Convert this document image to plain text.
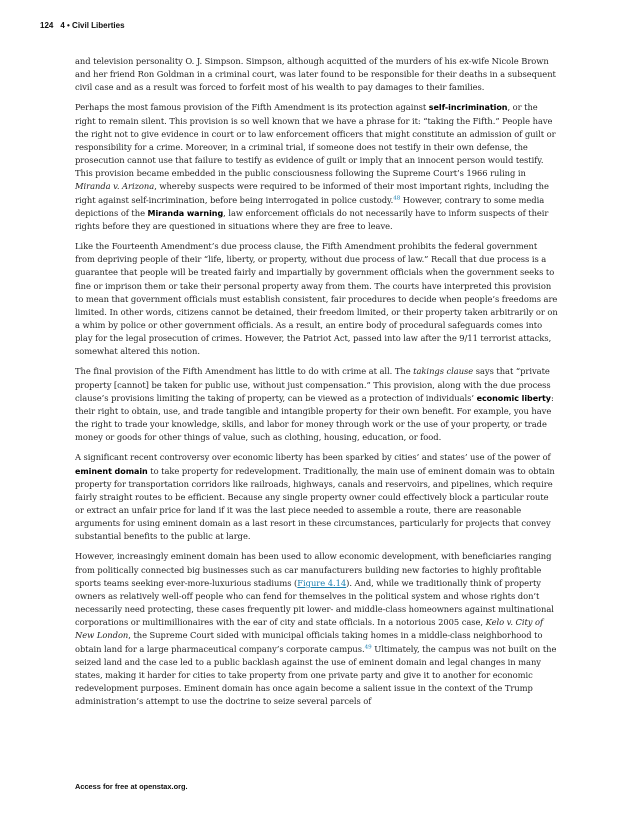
124 4 • Civil Liberties

and television personality O. J. Simpson. Simpson, although acquitted of the murders of his ex-wife Nicole Brown and her friend Ron Goldman in a criminal court, was later found to be responsible for their deaths in a subsequent civil case and as a result was forced to forfeit most of his wealth to pay damages to their families.

Perhaps the most famous provision of the Fifth Amendment is its protection against self-incrimination, or the right to remain silent. This provision is so well known that we have a phrase for it: “taking the Fifth.” People have the right not to give evidence in court or to law enforcement officers that might constitute an admission of guilt or responsibility for a crime. Moreover, in a criminal trial, if someone does not testify in their own defense, the prosecution cannot use that failure to testify as evidence of guilt or imply that an innocent person would testify. This provision became embedded in the public consciousness following the Supreme Court’s 1966 ruling in Miranda v. Arizona, whereby suspects were required to be informed of their most important rights, including the right against self-incrimination, before being interrogated in police custody.$^{48}$ However, contrary to some media depictions of the Miranda warning, law enforcement officials do not necessarily have to inform suspects of their rights before they are questioned in situations where they are free to leave.

Like the Fourteenth Amendment’s due process clause, the Fifth Amendment prohibits the federal government from depriving people of their “life, liberty, or property, without due process of law.” Recall that due process is a guarantee that people will be treated fairly and impartially by government officials when the government seeks to fine or imprison them or take their personal property away from them. The courts have interpreted this provision to mean that government officials must establish consistent, fair procedures to decide when people’s freedoms are limited. In other words, citizens cannot be detained, their freedom limited, or their property taken arbitrarily or on a whim by police or other government officials. As a result, an entire body of procedural safeguards comes into play for the legal prosecution of crimes. However, the Patriot Act, passed into law after the 9/11 terrorist attacks, somewhat altered this notion.

The final provision of the Fifth Amendment has little to do with crime at all. The takings clause says that “private property [cannot] be taken for public use, without just compensation.” This provision, along with the due process clause’s provisions limiting the taking of property, can be viewed as a protection of individuals’ economic liberty: their right to obtain, use, and trade tangible and intangible property for their own benefit. For example, you have the right to trade your knowledge, skills, and labor for money through work or the use of your property, or trade money or goods for other things of value, such as clothing, housing, education, or food.

A significant recent controversy over economic liberty has been sparked by cities’ and states’ use of the power of eminent domain to take property for redevelopment. Traditionally, the main use of eminent domain was to obtain property for transportation corridors like railroads, highways, canals and reservoirs, and pipelines, which require fairly straight routes to be efficient. Because any single property owner could effectively block a particular route or extract an unfair price for land if it was the last piece needed to assemble a route, there are reasonable arguments for using eminent domain as a last resort in these circumstances, particularly for projects that convey substantial benefits to the public at large.

However, increasingly eminent domain has been used to allow economic development, with beneficiaries ranging from politically connected big businesses such as car manufacturers building new factories to highly profitable sports teams seeking ever-more-luxurious stadiums (Figure 4.14). And, while we traditionally think of property owners as relatively well-off people who can fend for themselves in the political system and whose rights don’t necessarily need protecting, these cases frequently pit lower- and middle-class homeowners against multinational corporations or multimillionaires with the ear of city and state officials. In a notorious 2005 case, Kelo v. City of New London, the Supreme Court sided with municipal officials taking homes in a middle-class neighborhood to obtain land for a large pharmaceutical company’s corporate campus.$^{49}$ Ultimately, the campus was not built on the seized land and the case led to a public backlash against the use of eminent domain and legal changes in many states, making it harder for cities to take property from one private party and give it to another for economic redevelopment purposes. Eminent domain has once again become a salient issue in the context of the Trump administration’s attempt to use the doctrine to seize several parcels of

Access for free at openstax.org.
